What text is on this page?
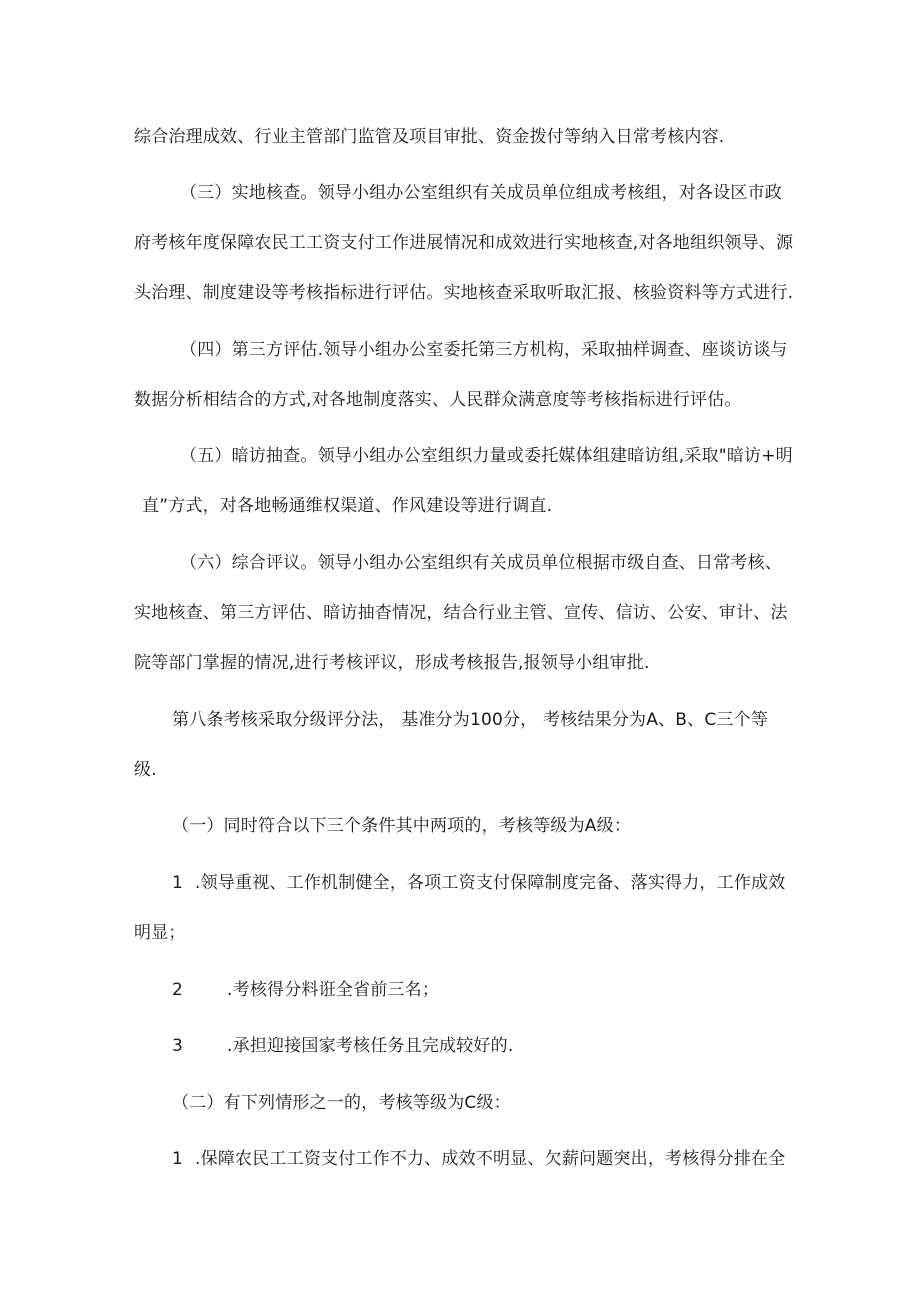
综合治理成效、行业主管部门监管及项目审批、资金拨付等纳入日常考核内容.
（三）实地核查。领导小组办公室组织有关成员单位组成考核组，对各设区市政
府考核年度保障农民工工资支付工作进展情况和成效进行实地核查,对各地组织领导、源
头治理、制度建设等考核指标进行评估。实地核查采取听取汇报、核验资料等方式进行.
（四）第三方评估.领导小组办公室委托第三方机构，采取抽样调查、座谈访谈与
数据分析相结合的方式,对各地制度落实、人民群众满意度等考核指标进行评估。
（五）暗访抽查。领导小组办公室组织力量或委托媒体组建暗访组,采取"暗访+明
直”方式，对各地畅通维权渠道、作风建设等进行调直.
（六）综合评议。领导小组办公室组织有关成员单位根据市级自查、日常考核、
实地核查、第三方评估、暗访抽杳情况，结合行业主管、宣传、信访、公安、审计、法
院等部门掌握的情况,进行考核评议，形成考核报告,报领导小组审批.
第八条考核采取分级评分法， 基准分为100分， 考核结果分为A、B、C三个等
级.
（一）同时符合以下三个条件其中两项的，考核等级为A级：
1 .领导重视、工作机制健全，各项工资支付保障制度完备、落实得力，工作成效
明显；
2	.考核得分料诳全省前三名；
3	.承担迎接国家考核任务且完成较好的.
（二）有下列情形之一的，考核等级为C级：
1 .保障农民工工资支付工作不力、成效不明显、欠薪问题突出，考核得分排在全
